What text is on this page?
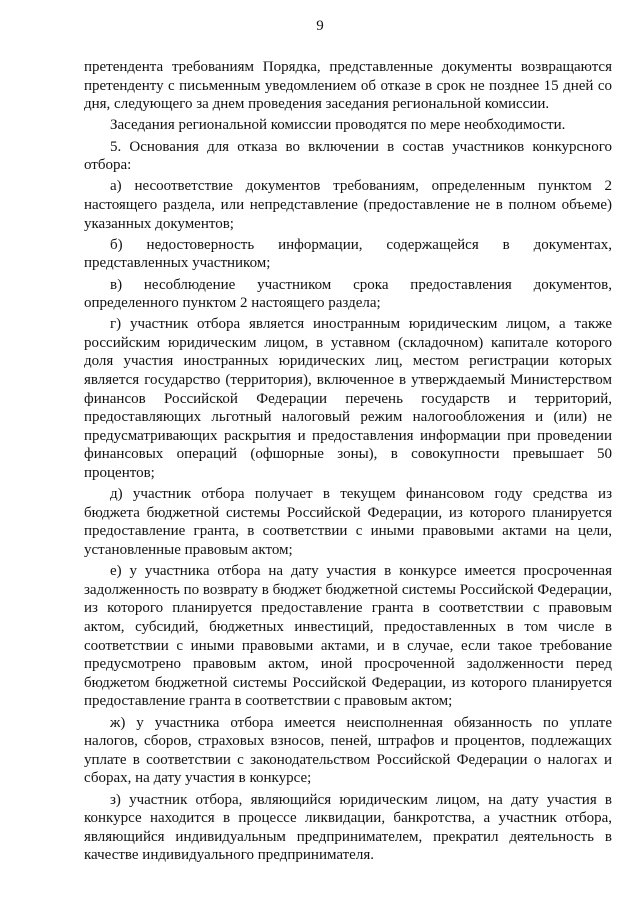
9

претендента требованиям Порядка, представленные документы возвращаются претенденту с письменным уведомлением об отказе в срок не позднее 15 дней со дня, следующего за днем проведения заседания региональной комиссии.

Заседания региональной комиссии проводятся по мере необходимости.

5. Основания для отказа во включении в состав участников конкурсного отбора:

а) несоответствие документов требованиям, определенным пунктом 2 настоящего раздела, или непредставление (предоставление не в полном объеме) указанных документов;

б) недостоверность информации, содержащейся в документах, представленных участником;

в) несоблюдение участником срока предоставления документов, определенного пунктом 2 настоящего раздела;

г) участник отбора является иностранным юридическим лицом, а также российским юридическим лицом, в уставном (складочном) капитале которого доля участия иностранных юридических лиц, местом регистрации которых является государство (территория), включенное в утверждаемый Министерством финансов Российской Федерации перечень государств и территорий, предоставляющих льготный налоговый режим налогообложения и (или) не предусматривающих раскрытия и предоставления информации при проведении финансовых операций (офшорные зоны), в совокупности превышает 50 процентов;

д) участник отбора получает в текущем финансовом году средства из бюджета бюджетной системы Российской Федерации, из которого планируется предоставление гранта, в соответствии с иными правовыми актами на цели, установленные правовым актом;

е) у участника отбора на дату участия в конкурсе имеется просроченная задолженность по возврату в бюджет бюджетной системы Российской Федерации, из которого планируется предоставление гранта в соответствии с правовым актом, субсидий, бюджетных инвестиций, предоставленных в том числе в соответствии с иными правовыми актами, и в случае, если такое требование предусмотрено правовым актом, иной просроченной задолженности перед бюджетом бюджетной системы Российской Федерации, из которого планируется предоставление гранта в соответствии с правовым актом;

ж) у участника отбора имеется неисполненная обязанность по уплате налогов, сборов, страховых взносов, пеней, штрафов и процентов, подлежащих уплате в соответствии с законодательством Российской Федерации о налогах и сборах, на дату участия в конкурсе;

з) участник отбора, являющийся юридическим лицом, на дату участия в конкурсе находится в процессе ликвидации, банкротства, а участник отбора, являющийся индивидуальным предпринимателем, прекратил деятельность в качестве индивидуального предпринимателя.
